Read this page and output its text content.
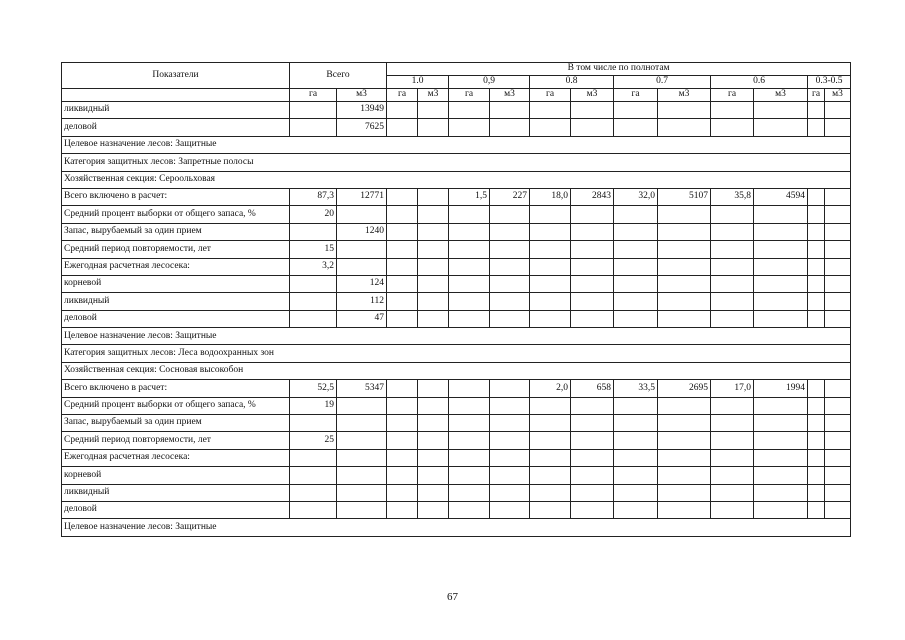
Показатели	Всего		В том числе по полнотам											
			1.0		0,9		0.8		0.7		0.6		0.3-0.5	
	га	м3	га	м3	га	м3	га	м3	га	м3	га	м3	га	м3
ликвидный		13949												
деловой		7625												
Целевое назначение лесов: Защитные														
Категория защитных лесов: Запретные полосы														
Хозяйственная секция: Сероольховая														
Всего включено в расчет:	87,3	12771			1,5	227	18,0	2843	32,0	5107	35,8	4594		
Средний процент выборки от общего запаса, %	20													
Запас, вырубаемый за один прием		1240												
Средний период повторяемости, лет	15													
Ежегодная расчетная лесосека:	3,2													
корневой		124												
ликвидный		112												
деловой		47												
Целевое назначение лесов: Защитные														
Категория защитных лесов: Леса водоохранных зон														
Хозяйственная секция: Сосновая высокобон														
Всего включено в расчет:	52,5	5347					2,0	658	33,5	2695	17,0	1994		
Средний процент выборки от общего запаса, %	19													
Запас, вырубаемый за один прием														
Средний период повторяемости, лет	25													
Ежегодная расчетная лесосека:														
корневой														
ликвидный														
деловой														
Целевое назначение лесов: Защитные														
67
